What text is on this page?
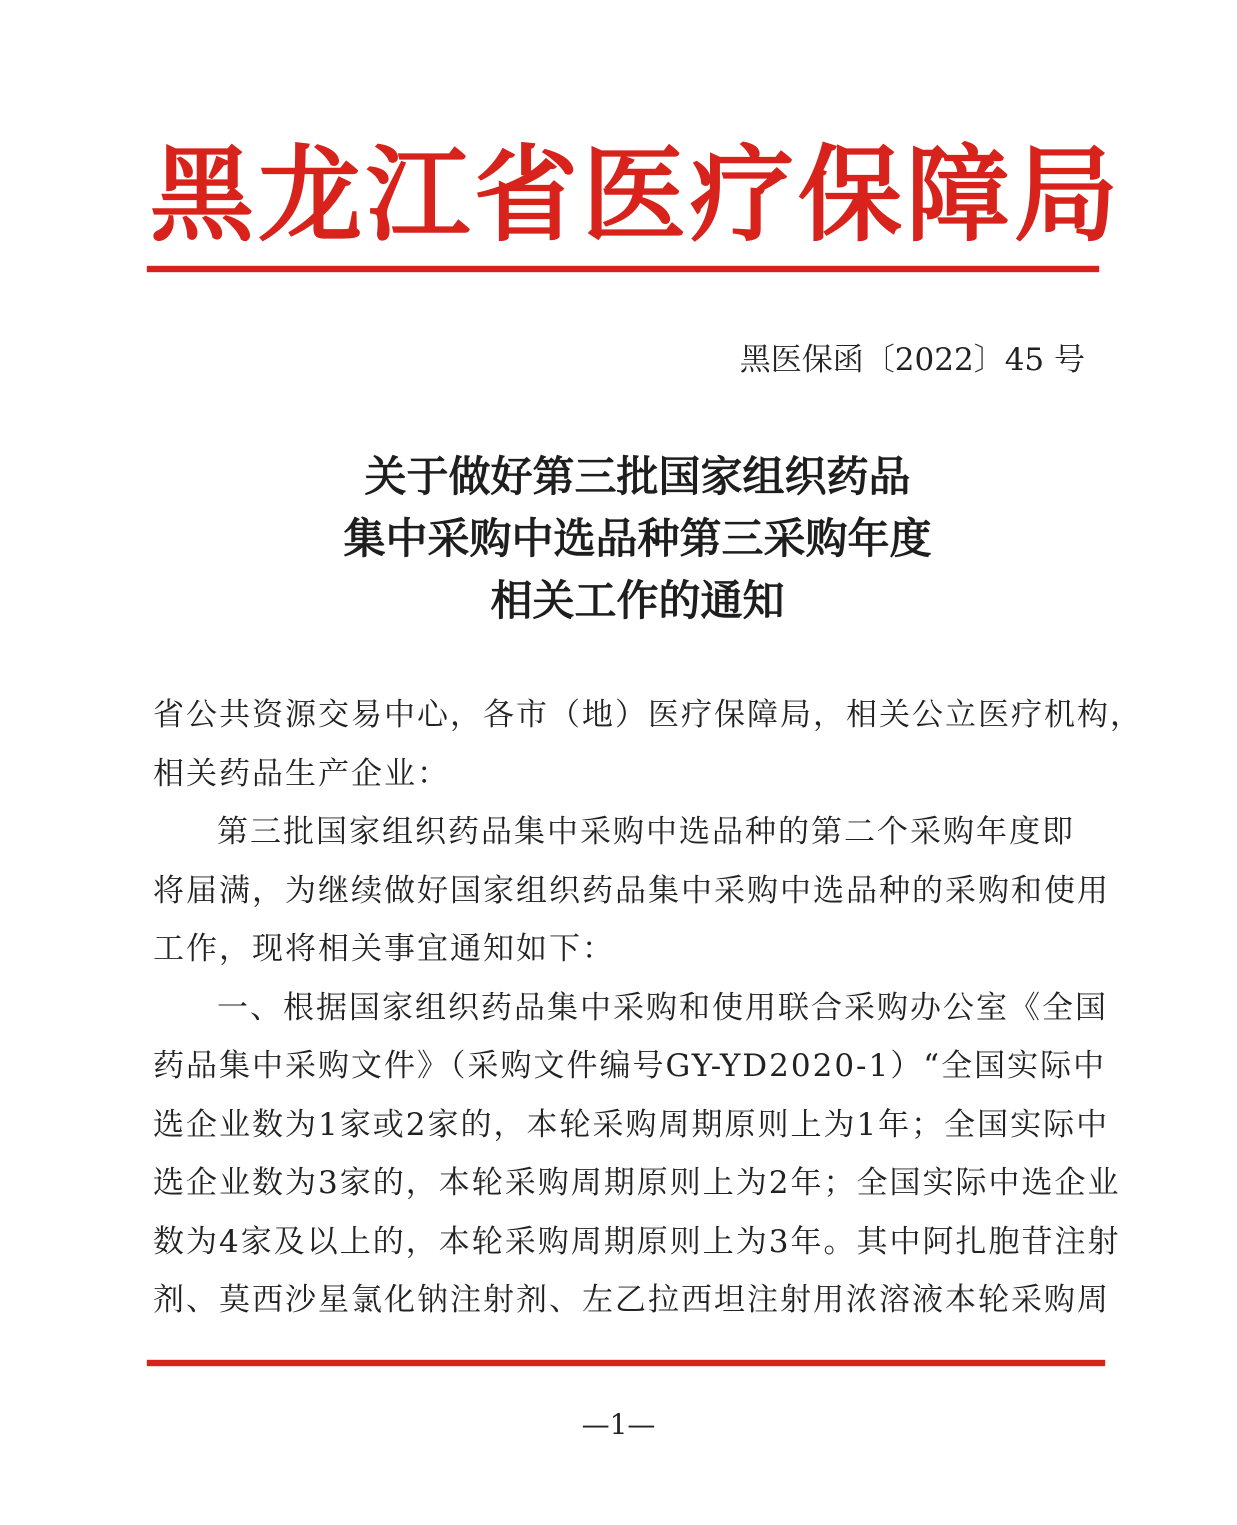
黑龙江省医疗保障局
黑医保函〔2022〕45 号
关于做好第三批国家组织药品
集中采购中选品种第三采购年度
相关工作的通知
省公共资源交易中心，各市（地）医疗保障局，相关公立医疗机构，
相关药品生产企业：
第三批国家组织药品集中采购中选品种的第二个采购年度即
将届满，为继续做好国家组织药品集中采购中选品种的采购和使用
工作，现将相关事宜通知如下：
一、根据国家组织药品集中采购和使用联合采购办公室《全国
药品集中采购文件》（采购文件编号GY-YD2020-1）“全国实际中
选企业数为1家或2家的，本轮采购周期原则上为1年；全国实际中
选企业数为3家的，本轮采购周期原则上为2年；全国实际中选企业
数为4家及以上的，本轮采购周期原则上为3年。其中阿扎胞苷注射
剂、莫西沙星氯化钠注射剂、左乙拉西坦注射用浓溶液本轮采购周
—1—
